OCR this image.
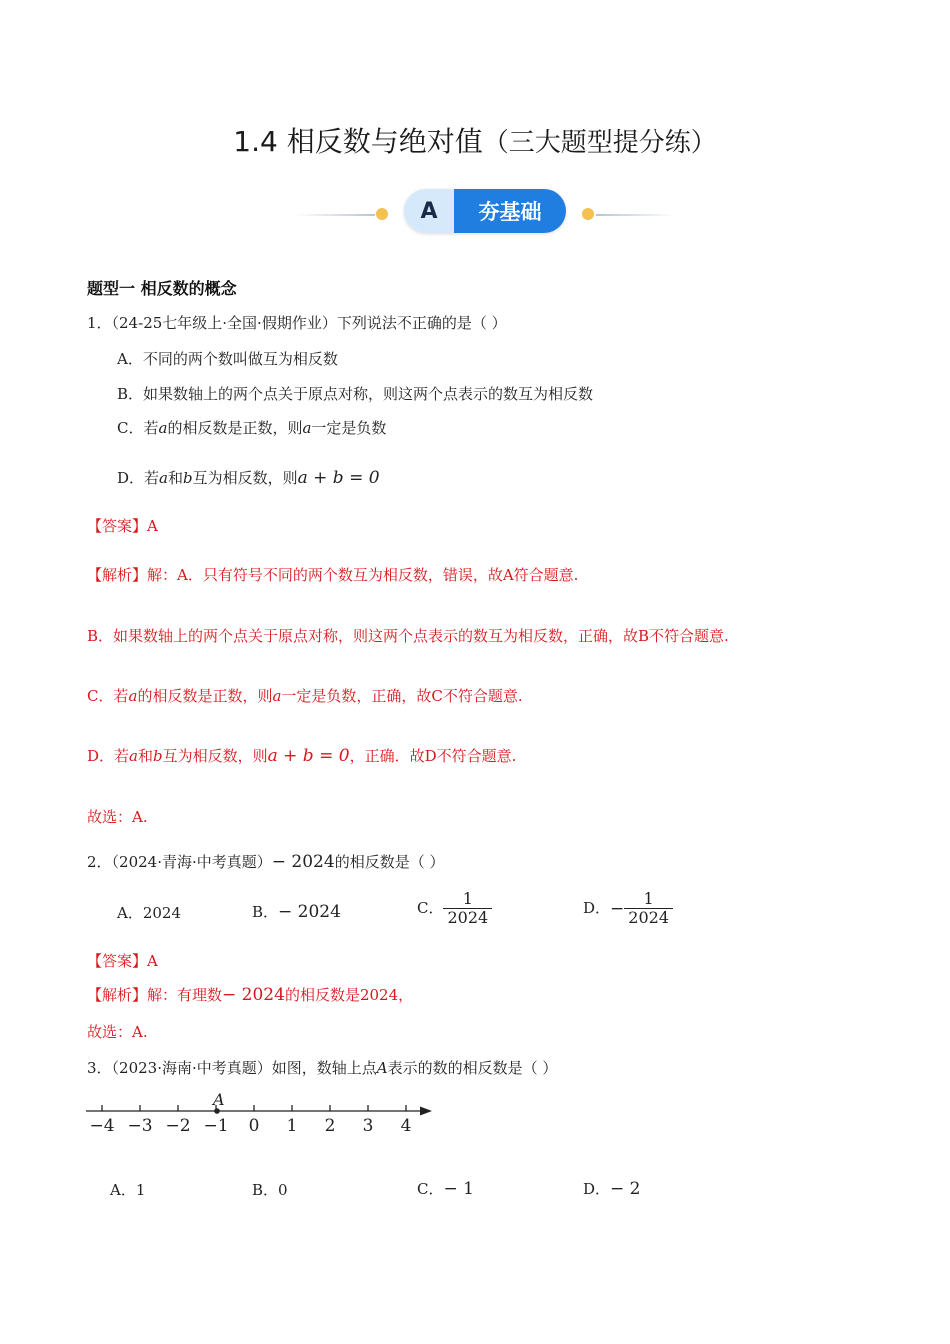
1.4 相反数与绝对值（三大题型提分练）
A	夯基础
题型一 相反数的概念
1．（24-25七年级上·全国·假期作业）下列说法不正确的是（ ）
A．不同的两个数叫做互为相反数
B．如果数轴上的两个点关于原点对称，则这两个点表示的数互为相反数
C．若a的相反数是正数，则a一定是负数
D．若a和b互为相反数，则a + b = 0
【答案】A
【解析】解：A．只有符号不同的两个数互为相反数，错误，故A符合题意.
B．如果数轴上的两个点关于原点对称，则这两个点表示的数互为相反数，正确，故B不符合题意.
C．若a的相反数是正数，则a一定是负数，正确，故C不符合题意.
D．若a和b互为相反数，则a + b = 0，正确．故D不符合题意.
故选：A.
2．（2024·青海·中考真题）− 2024的相反数是（ ）
A．2024	B．− 2024	C． $\frac{1}{2024}$	D．− $\frac{1}{2024}$
【答案】A
【解析】解：有理数− 2024的相反数是2024，
故选：A.
3．（2023·海南·中考真题）如图，数轴上点A表示的数的相反数是（ ）
−4 −3 −2 −1 0 1 2 3 4
A
A．1	B．0	C．− 1	D．− 2
